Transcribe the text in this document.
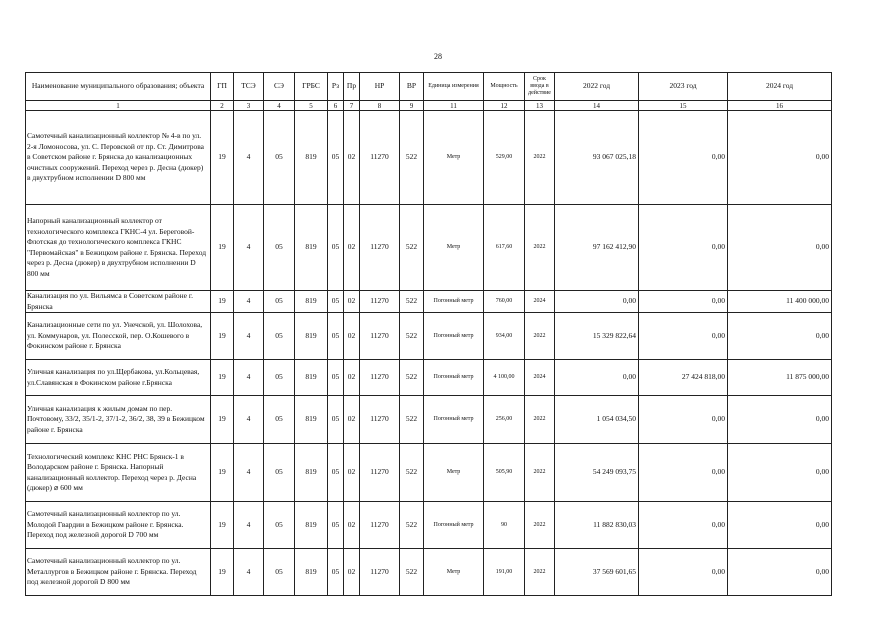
28
Наименование муниципального образования; объекта	ГП	ТСЭ	СЭ	ГРБС	Рз	Пр	НР	ВР	Единица измерения	Мощность	Срок ввода в действие	2022 год	2023 год	2024 год
1	2	3	4	5	6	7	8	9	11	12	13	14	15	16
Самотечный канализационный коллектор № 4-в по ул. 2-я Ломоносова, ул. С. Перовской от пр. Ст. Димитрова в Советском районе г. Брянска до канализационных очистных сооружений. Переход через р. Десна (дюкер) в двухтрубном исполнении D 800 мм	19	4	05	819	05	02	11270	522	Метр	529,00	2022	93 067 025,18	0,00	0,00
Напорный канализационный коллектор от технологического комплекса ГКНС-4 ул. Береговой-Флотская до технологического комплекса ГКНС "Первомайская" в Бежицком районе г. Брянска. Переход через р. Десна (дюкер) в двухтрубном исполнении D 800 мм	19	4	05	819	05	02	11270	522	Метр	617,60	2022	97 162 412,90	0,00	0,00
Канализация по ул. Вильямса в Советском районе г. Брянска	19	4	05	819	05	02	11270	522	Погонный метр	760,00	2024	0,00	0,00	11 400 000,00
Канализационные сети по ул. Унечской, ул. Шолохова, ул. Коммунаров, ул. Полесской, пер. О.Кошевого в Фокинском районе г. Брянска	19	4	05	819	05	02	11270	522	Погонный метр	934,00	2022	15 329 822,64	0,00	0,00
Уличная канализация по ул.Щербакова, ул.Кольцевая, ул.Славянская в Фокинском районе г.Брянска	19	4	05	819	05	02	11270	522	Погонный метр	4 100,00	2024	0,00	27 424 818,00	11 875 000,00
Уличная канализация к жилым домам по пер. Почтовому, 33/2, 35/1-2, 37/1-2, 36/2, 38, 39 в Бежицком районе г. Брянска	19	4	05	819	05	02	11270	522	Погонный метр	256,00	2022	1 054 034,50	0,00	0,00
Технологический комплекс КНС РНС Брянск-1 в Володарском районе г. Брянска. Напорный канализационный коллектор. Переход через р. Десна (дюкер) ⌀ 600 мм	19	4	05	819	05	02	11270	522	Метр	505,90	2022	54 249 093,75	0,00	0,00
Самотечный канализационный коллектор по ул. Молодой Гвардии в Бежицком районе г. Брянска. Переход под железной дорогой D 700 мм	19	4	05	819	05	02	11270	522	Погонный метр	90	2022	11 882 830,03	0,00	0,00
Самотечный канализационный коллектор по ул. Металлургов в Бежицком районе г. Брянска. Переход под железной дорогой D 800 мм	19	4	05	819	05	02	11270	522	Метр	191,00	2022	37 569 601,65	0,00	0,00
